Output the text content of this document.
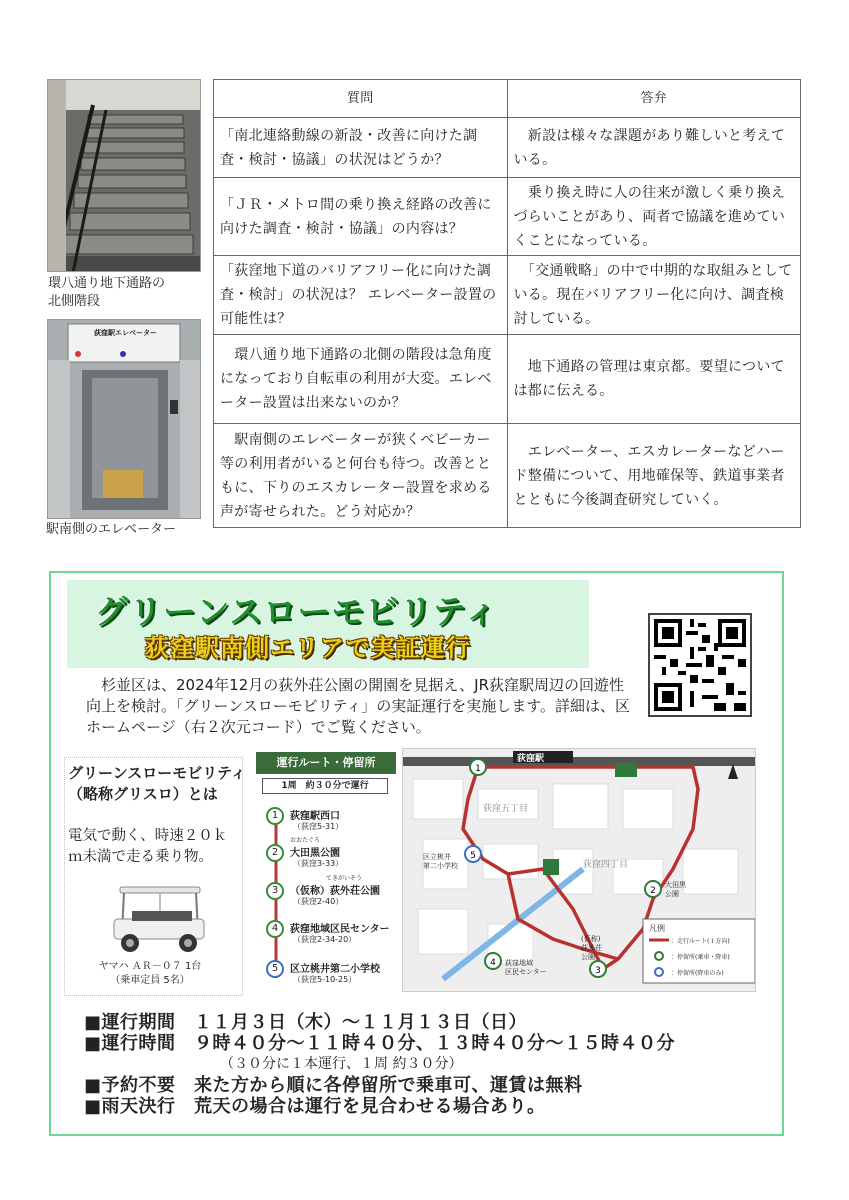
環八通り地下通路の
北側階段
荻窪駅エレベーター
駅南側のエレベーター
質問	答弁
「南北連絡動線の新設・改善に向けた調査・検討・協議」の状況はどうか？	　新設は様々な課題があり難しいと考えている。
「ＪＲ・メトロ間の乗り換え経路の改善に向けた調査・検討・協議」の内容は？	　乗り換え時に人の往来が激しく乗り換えづらいことがあり、両者で協議を進めていくことになっている。
「荻窪地下道のバリアフリー化に向けた調査・検討」の状況は？ エレベーター設置の可能性は？	　「交通戦略」の中で中期的な取組みとしている。現在バリアフリー化に向け、調査検討している。
　環八通り地下通路の北側の階段は急角度になっており自転車の利用が大変。エレベーター設置は出来ないのか？	　地下通路の管理は東京都。要望については都に伝える。
　駅南側のエレベーターが狭くベビーカー等の利用者がいると何台も待つ。改善とともに、下りのエスカレーター設置を求める声が寄せられた。どう対応か？	　エレベーター、エスカレーターなどハード整備について、用地確保等、鉄道事業者とともに今後調査研究していく。
グリーンスローモビリティ
荻窪駅南側エリアで実証運行
　杉並区は、2024年12月の荻外荘公園の開園を見据え、JR荻窪駅周辺の回遊性向上を検討。「グリーンスローモビリティ」の実証運行を実施します。詳細は、区ホームページ（右２次元コード）でご覧ください。
グリーンスローモビリティ（略称グリスロ）とは
電気で動く、時速２０ｋｍ未満で走る乗り物。
ヤマハ ＡＲ－０７ 1台
（乗車定員 5名）
運行ルート・停留所
1周　約３０分で運行
1	荻窪駅西口
（荻窪5-31）
おおたぐろ
2	大田黒公園
（荻窪3-33）
てきがいそう
3	（仮称）荻外荘公園
（荻窪2-40）
4	荻窪地域区民センター
（荻窪2-34-20）
5	区立桃井第二小学校
（荻窪5-10-25）
1
2
3
4
5
荻窪駅
荻窪五丁目
荻窪四丁目
区立桃井
第二小学校
大田黒
公園
(仮称)
荻外荘
公園
荻窪地域
区民センター
凡例
：走行ルート(１方向)
：停留所(乗車・降車)
：停留所(降車のみ)
■運行期間　１１月３日（木）～１１月１３日（日）
■運行時間　９時４０分～１１時４０分、１３時４０分～１５時４０分
（３０分に１本運行、１周 約３０分）
■予約不要　来た方から順に各停留所で乗車可、運賃は無料
■雨天決行　荒天の場合は運行を見合わせる場合あり。
